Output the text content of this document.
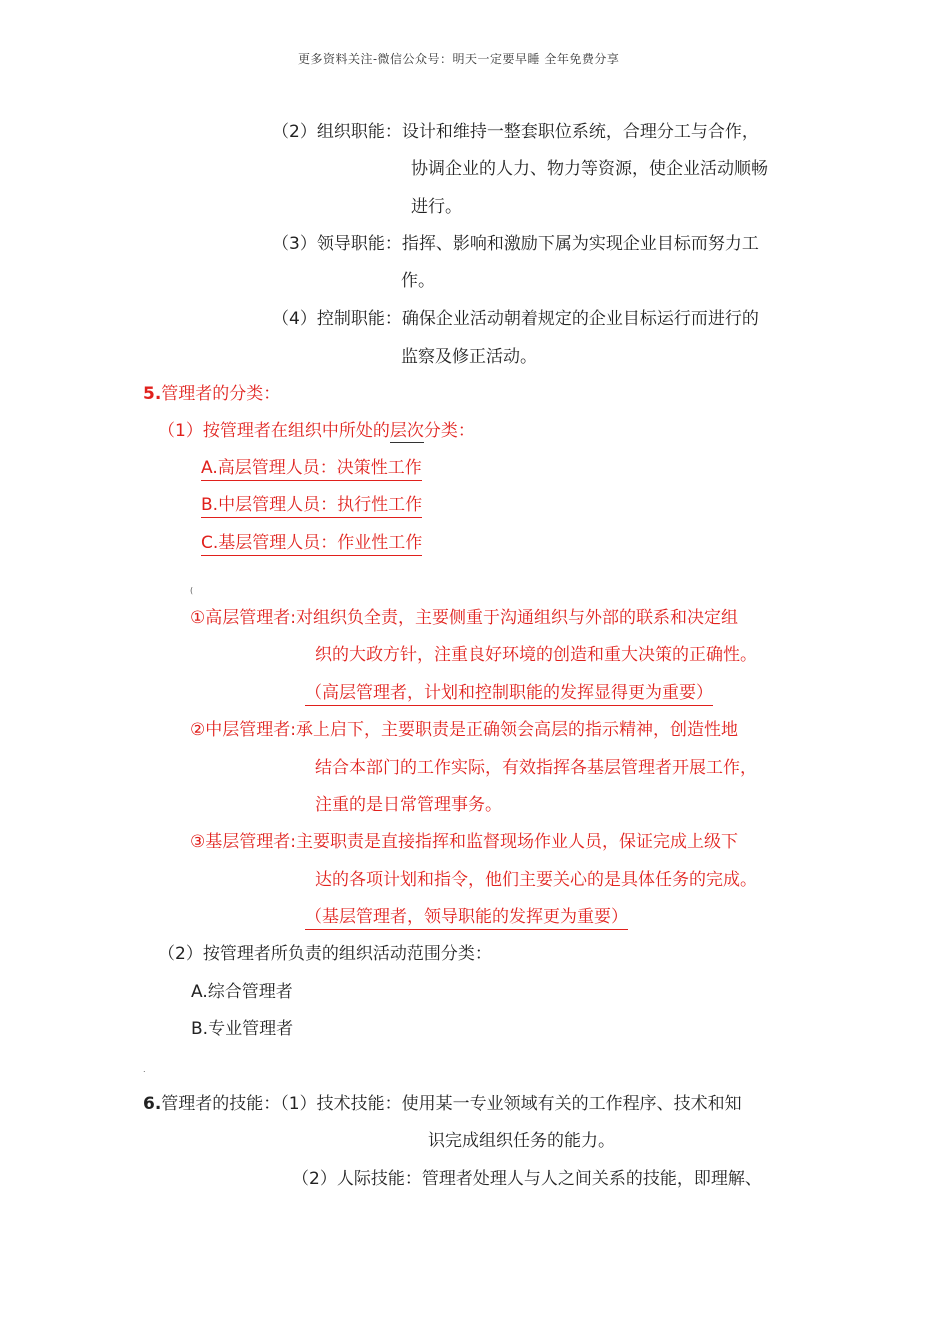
更多资料关注-微信公众号：明天一定要早睡 全年免费分享
（2）组织职能：设计和维持一整套职位系统，合理分工与合作，
协调企业的人力、物力等资源，使企业活动顺畅
进行。
（3）领导职能：指挥、影响和激励下属为实现企业目标而努力工
作。
（4）控制职能：确保企业活动朝着规定的企业目标运行而进行的
监察及修正活动。
5.管理者的分类：
（1）按管理者在组织中所处的层次分类：
A.高层管理人员：决策性工作
B.中层管理人员：执行性工作
C.基层管理人员：作业性工作
(
①高层管理者:对组织负全责，主要侧重于沟通组织与外部的联系和决定组
织的大政方针，注重良好环境的创造和重大决策的正确性。
（高层管理者，计划和控制职能的发挥显得更为重要）
②中层管理者:承上启下，主要职责是正确领会高层的指示精神，创造性地
结合本部门的工作实际，有效指挥各基层管理者开展工作，
注重的是日常管理事务。
③基层管理者:主要职责是直接指挥和监督现场作业人员，保证完成上级下
达的各项计划和指令，他们主要关心的是具体任务的完成。
（基层管理者，领导职能的发挥更为重要）
（2）按管理者所负责的组织活动范围分类：
A.综合管理者
B.专业管理者
.
6.管理者的技能：（1）技术技能：使用某一专业领域有关的工作程序、技术和知
识完成组织任务的能力。
（2）人际技能：管理者处理人与人之间关系的技能，即理解、
